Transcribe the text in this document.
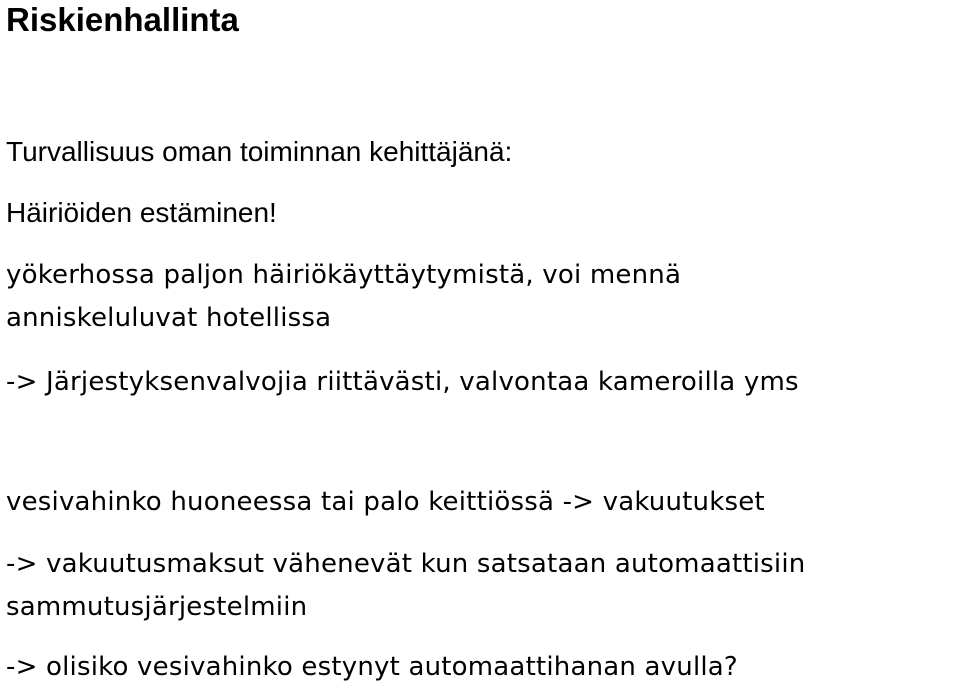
Riskienhallinta
Turvallisuus oman toiminnan kehittäjänä:
Häiriöiden estäminen!
yökerhossa paljon häiriökäyttäytymistä, voi mennä
anniskeluluvat hotellissa
-> Järjestyksenvalvojia riittävästi, valvontaa kameroilla yms
vesivahinko huoneessa tai palo keittiössä -> vakuutukset
-> vakuutusmaksut vähenevät kun satsataan automaattisiin
sammutusjärjestelmiin
-> olisiko vesivahinko estynyt automaattihanan avulla?
